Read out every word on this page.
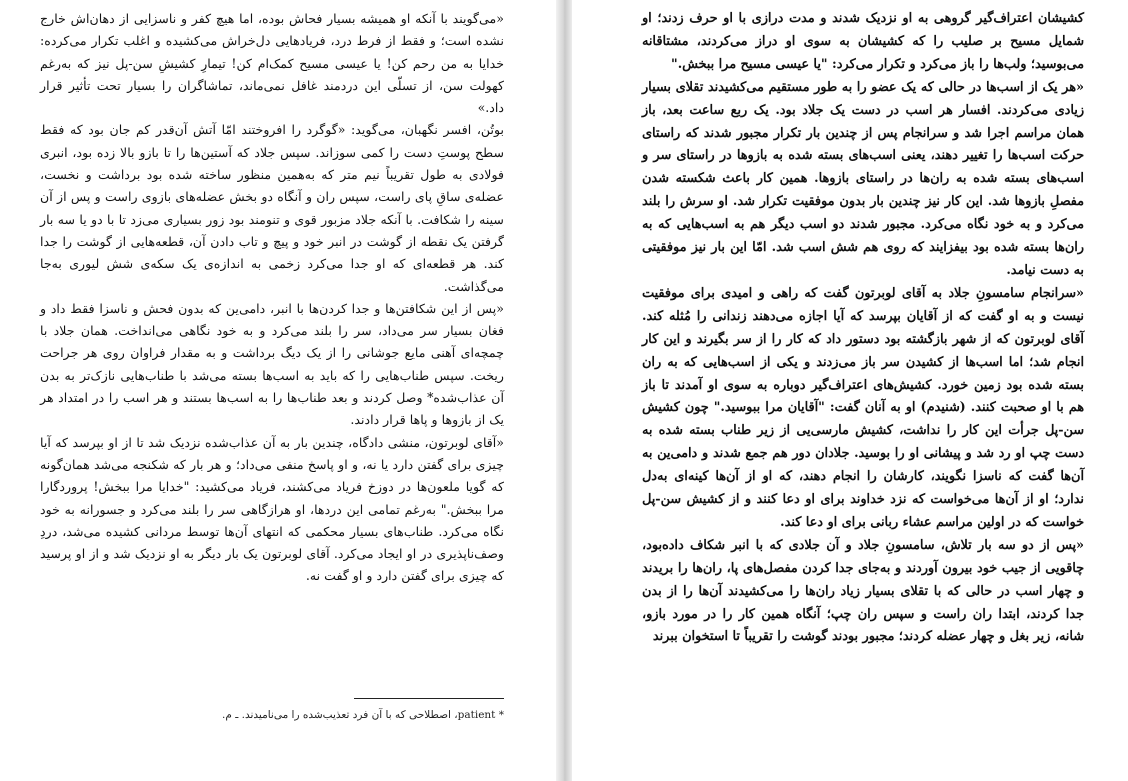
«می‌گویند با آنکه او همیشه بسیار فحاش بوده، اما هیچ کفر و ناسزایی از دهان‌اش خارج نشده است؛ و فقط از فرط درد، فریادهایی دل‌خراش می‌کشیده و اغلب تکرار می‌کرده: خدایا به من رحم کن! یا عیسی مسیح کمک‌ام کن! تیمارِ کشیشِ سن-پل نیز که به‌رغم کهولت سن، از تسلّی این دردمند غافل نمی‌ماند، تماشاگران را بسیار تحت تأثیر قرار داد.»

بوتُن، افسر نگهبان، می‌گوید: «گوگرد را افروختند امّا آتش آن‌قدر کم جان بود که فقط سطح پوستِ دست را کمی سوزاند. سپس جلاد که آستین‌ها را تا بازو بالا زده بود، انبری فولادی به طول تقریباً نیم متر که به‌همین منظور ساخته شده بود برداشت و نخست، عضله‌ی ساقِ پای راست، سپس ران و آنگاه دو بخش عضله‌های بازوی راست و پس از آن سینه را شکافت. با آنکه جلاد مزبور قوی و تنومند بود زور بسیاری می‌زد تا با دو یا سه بار گرفتن یک نقطه از گوشت در انبر خود و پیچ و تاب دادن آن، قطعه‌هایی از گوشت را جدا کند. هر قطعه‌ای که او جدا می‌کرد زخمی به اندازه‌ی یک سکه‌ی شش لیوری به‌جا می‌گذاشت.

«پس از این شکافتن‌ها و جدا کردن‌ها با انبر، دامی‌ین که بدون فحش و ناسزا فقط داد و فغان بسیار سر می‌داد، سر را بلند می‌کرد و به خود نگاهی می‌انداخت. همان جلاد با چمچه‌ای آهنی مایع جوشانی را از یک دیگ برداشت و به مقدار فراوان روی هر جراحت ریخت. سپس طناب‌هایی را که باید به اسب‌ها بسته می‌شد با طناب‌هایی نازک‌تر به بدن آن عذاب‌شده* وصل کردند و بعد طناب‌ها را به اسب‌ها بستند و هر اسب را در امتداد هر یک از بازوها و پاها قرار دادند.

«آقای لوبرتون، منشی دادگاه، چندین بار به آن عذاب‌شده نزدیک شد تا از او بپرسد که آیا چیزی برای گفتن دارد یا نه، و او پاسخ منفی می‌داد؛ و هر بار که شکنجه می‌شد همان‌گونه که گویا ملعون‌ها در دوزخ فریاد می‌کشند، فریاد می‌کشید: "خدایا مرا ببخش! پروردگارا مرا ببخش." به‌رغم تمامی این دردها، او هرازگاهی سر را بلند می‌کرد و جسورانه به خود نگاه می‌کرد. طناب‌های بسیار محکمی که انتهای آن‌ها توسط مردانی کشیده می‌شد، دردِ وصف‌ناپذیری در او ایجاد می‌کرد. آقای لوبرتون یک بار دیگر به او نزدیک شد و از او پرسید که چیزی برای گفتن دارد و او گفت نه.

* patient، اصطلاحی که با آن فرد تعذیب‌شده را می‌نامیدند. ـ م.

کشیشان اعتراف‌گیر گروهی به او نزدیک شدند و مدت درازی با او حرف زدند؛ او شمایل مسیح بر صلیب را که کشیشان به سوی او دراز می‌کردند، مشتاقانه می‌بوسید؛ ولب‌ها را باز می‌کرد و تکرار می‌کرد: "یا عیسی مسیح مرا ببخش."

«هر یک از اسب‌ها در حالی که یک عضو را به طور مستقیم می‌کشیدند تقلای بسیار زیادی می‌کردند. افسار هر اسب در دست یک جلاد بود. یک ربع ساعت بعد، باز همان مراسم اجرا شد و سرانجام پس از چندین بار تکرار مجبور شدند که راستای حرکت اسب‌ها را تغییر دهند، یعنی اسب‌های بسته شده به بازوها در راستای سر و اسب‌های بسته شده به ران‌ها در راستای بازوها. همین کار باعث شکسته شدن مفصلِ بازوها شد. این کار نیز چندین بار بدون موفقیت تکرار شد. او سرش را بلند می‌کرد و به خود نگاه می‌کرد. مجبور شدند دو اسب دیگر هم به اسب‌هایی که به ران‌ها بسته شده بود بیفزایند که روی هم شش اسب شد. امّا این بار نیز موفقیتی به دست نیامد.

«سرانجام سامسونِ جلاد به آقای لوبرتون گفت که راهی و امیدی برای موفقیت نیست و به او گفت که از آقایان بپرسد که آیا اجازه می‌دهند زندانی را مُثله کند. آقای لوبرتون که از شهر بازگشته بود دستور داد که کار را از سر بگیرند و این کار انجام شد؛ اما اسب‌ها از کشیدن سر باز می‌زدند و یکی از اسب‌هایی که به ران بسته شده بود زمین خورد. کشیش‌های اعتراف‌گیر دوباره به سوی او آمدند تا باز هم با او صحبت کنند. (شنیدم) او به آنان گفت: "آقایان مرا ببوسید." چون کشیش سن-پل جرأت این کار را نداشت، کشیش مارسی‌یی از زیر طناب بسته شده به دست چپ او رد شد و پیشانی او را بوسید. جلادان دور هم جمع شدند و دامی‌ین به آن‌ها گفت که ناسزا نگویند، کارشان را انجام دهند، که او از آن‌ها کینه‌ای به‌دل ندارد؛ او از آن‌ها می‌خواست که نزد خداوند برای او دعا کنند و از کشیش سن-پل خواست که در اولین مراسم عشاء ربانی برای او دعا کند.

«پس از دو سه بار تلاش، سامسونِ جلاد و آن جلادی که با انبر شکاف داده‌بود، چاقویی از جیب خود بیرون آوردند و به‌جای جدا کردن مفصل‌های پا، ران‌ها را بریدند و چهار اسب در حالی که با تقلای بسیار زیاد ران‌ها را می‌کشیدند آن‌ها را از بدن جدا کردند، ابتدا ران راست و سپس ران چپ؛ آنگاه همین کار را در مورد بازو، شانه، زیر بغل و چهار عضله کردند؛ مجبور بودند گوشت را تقریباً تا استخوان ببرند
